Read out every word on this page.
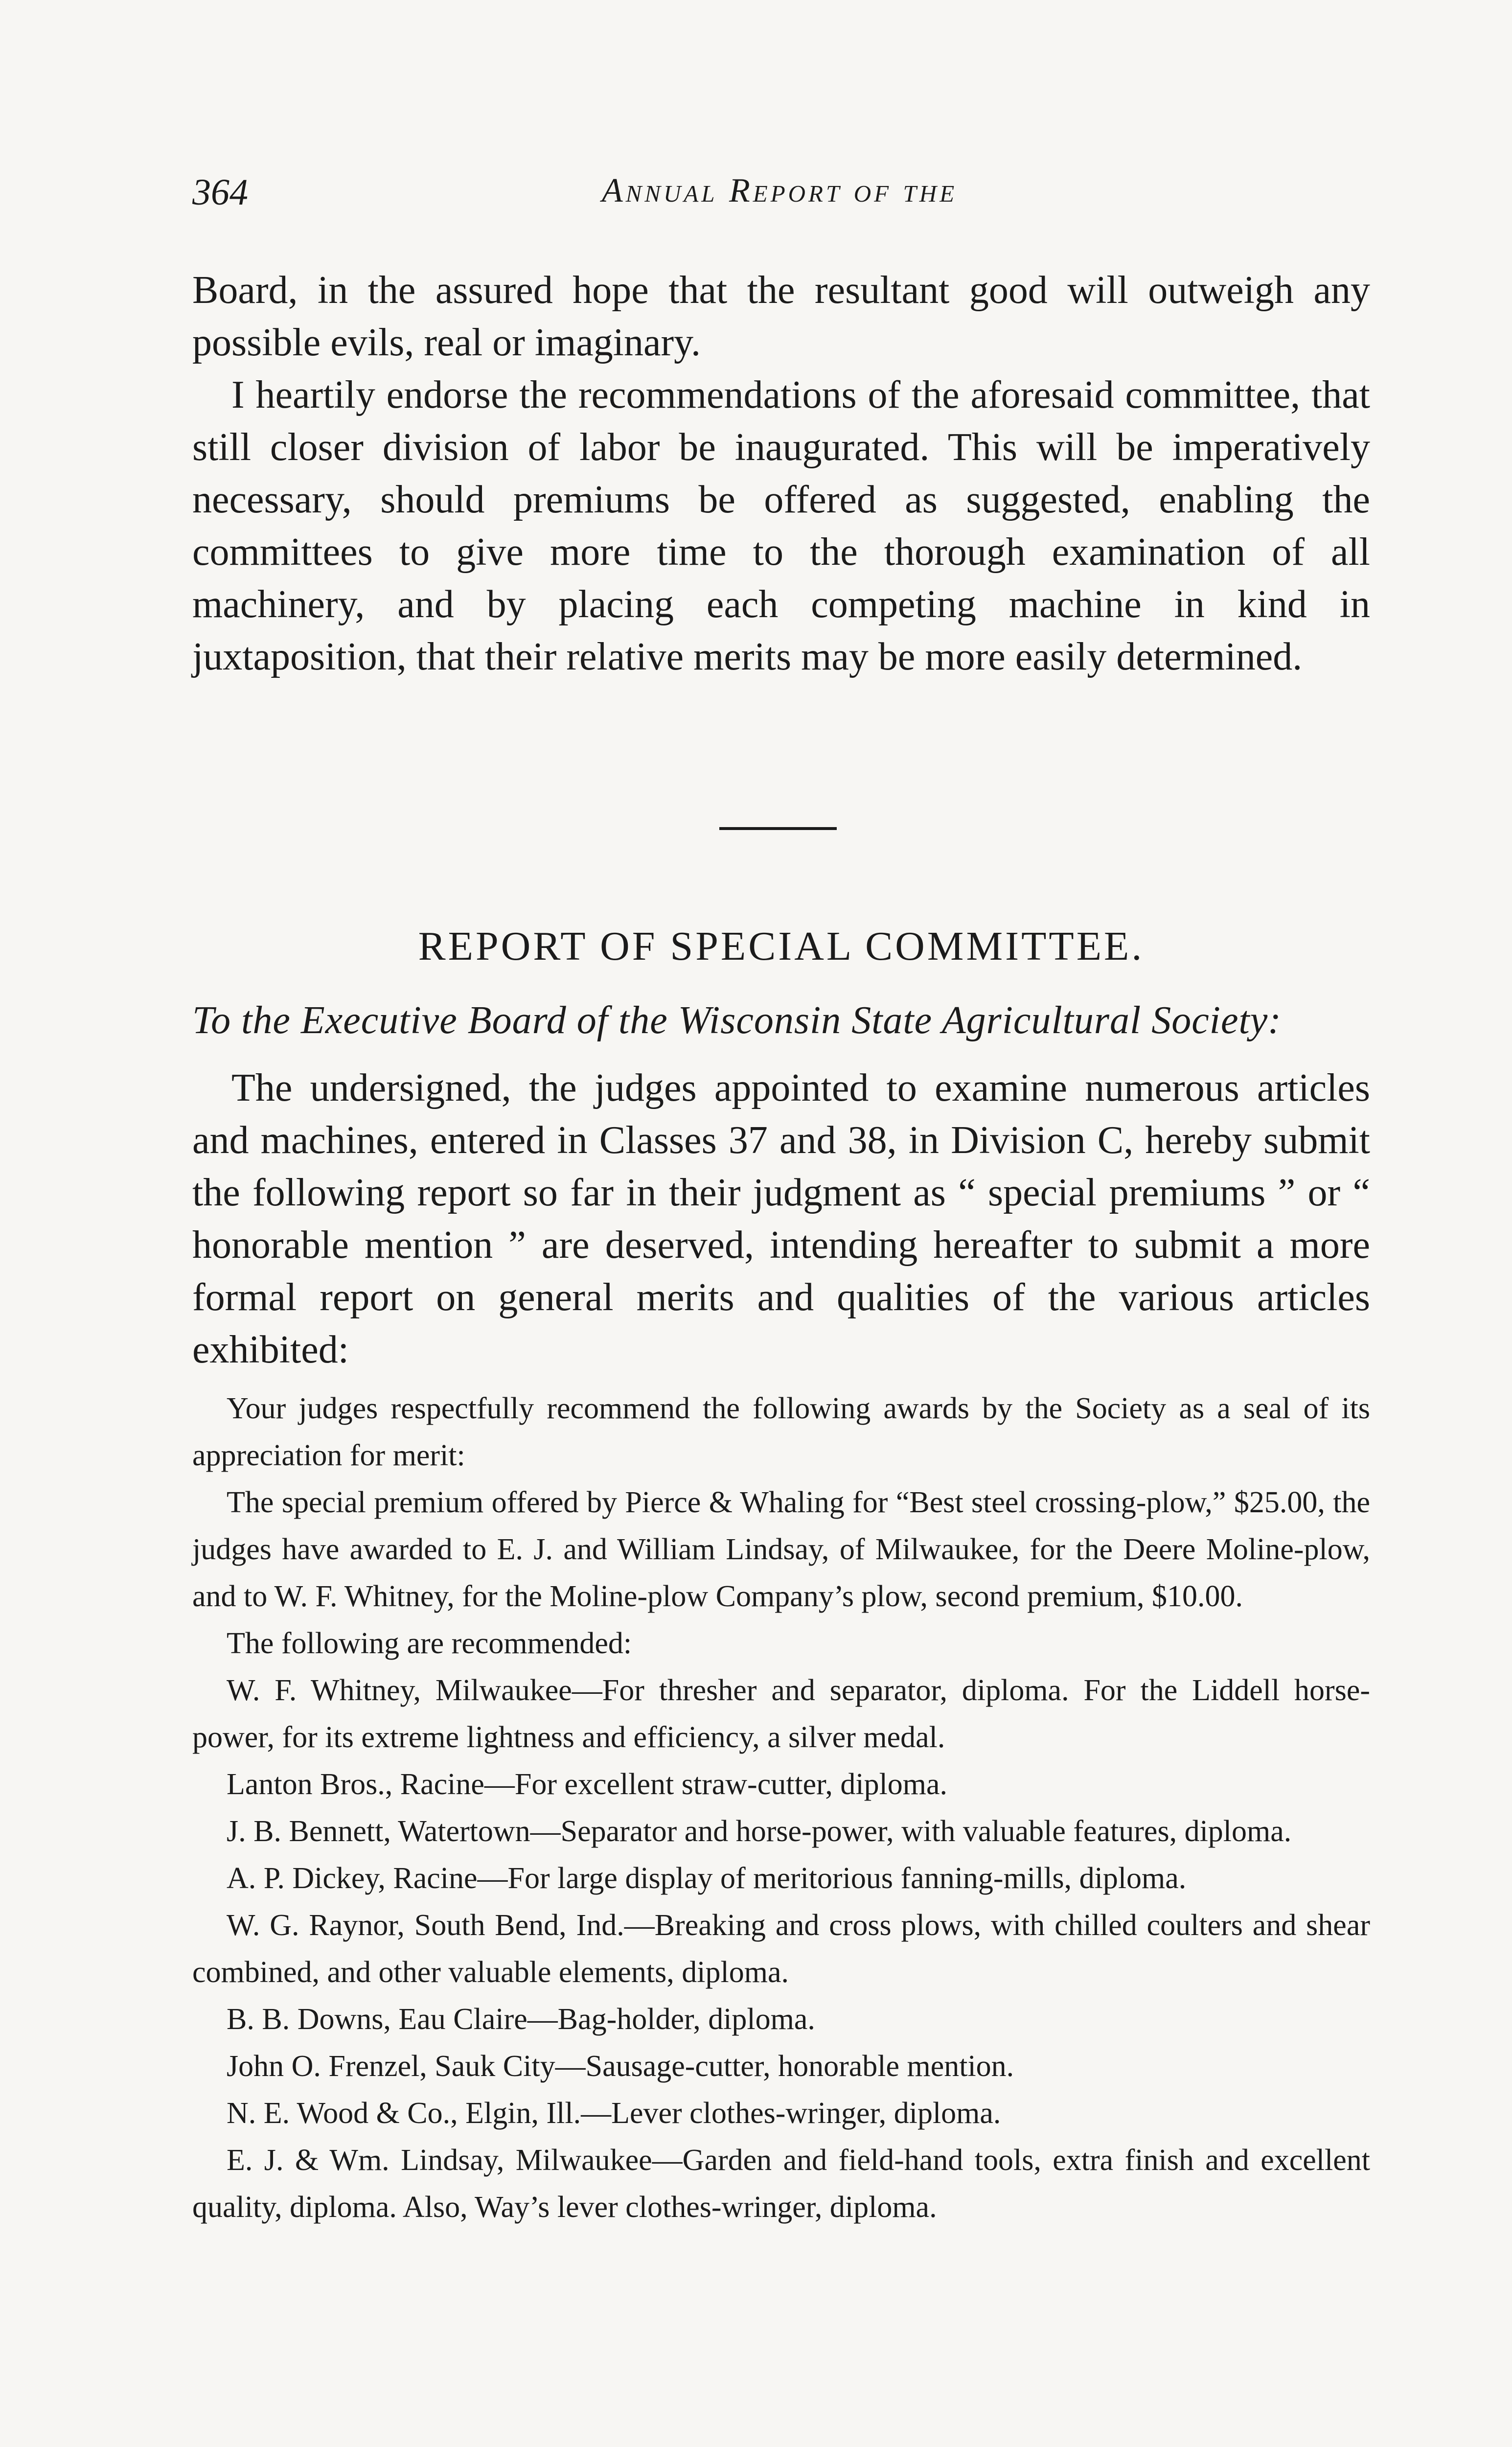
364	Annual Report of the

Board, in the assured hope that the resultant good will outweigh any possible evils, real or imaginary.

I heartily endorse the recommendations of the aforesaid committee, that still closer division of labor be inaugurated. This will be imperatively necessary, should premiums be offered as suggested, enabling the committees to give more time to the thorough examination of all machinery, and by placing each competing machine in kind in juxtaposition, that their relative merits may be more easily determined.

REPORT OF SPECIAL COMMITTEE.
To the Executive Board of the Wisconsin State Agricultural Society:

The undersigned, the judges appointed to examine numerous articles and machines, entered in Classes 37 and 38, in Division C, hereby submit the following report so far in their judgment as “ special premiums ” or “ honorable mention ” are deserved, intending hereafter to submit a more formal report on general merits and qualities of the various articles exhibited:

Your judges respectfully recommend the following awards by the Society as a seal of its appreciation for merit:

The special premium offered by Pierce & Whaling for “Best steel crossing-plow,” $25.00, the judges have awarded to E. J. and William Lindsay, of Milwaukee, for the Deere Moline-plow, and to W. F. Whitney, for the Moline-plow Company’s plow, second premium, $10.00.

The following are recommended:

W. F. Whitney, Milwaukee—For thresher and separator, diploma. For the Liddell horse-power, for its extreme lightness and efficiency, a silver medal.

Lanton Bros., Racine—For excellent straw-cutter, diploma.

J. B. Bennett, Watertown—Separator and horse-power, with valuable features, diploma.

A. P. Dickey, Racine—For large display of meritorious fanning-mills, diploma.

W. G. Raynor, South Bend, Ind.—Breaking and cross plows, with chilled coulters and shear combined, and other valuable elements, diploma.

B. B. Downs, Eau Claire—Bag-holder, diploma.

John O. Frenzel, Sauk City—Sausage-cutter, honorable mention.

N. E. Wood & Co., Elgin, Ill.—Lever clothes-wringer, diploma.

E. J. & Wm. Lindsay, Milwaukee—Garden and field-hand tools, extra finish and excellent quality, diploma. Also, Way’s lever clothes-wringer, diploma.
